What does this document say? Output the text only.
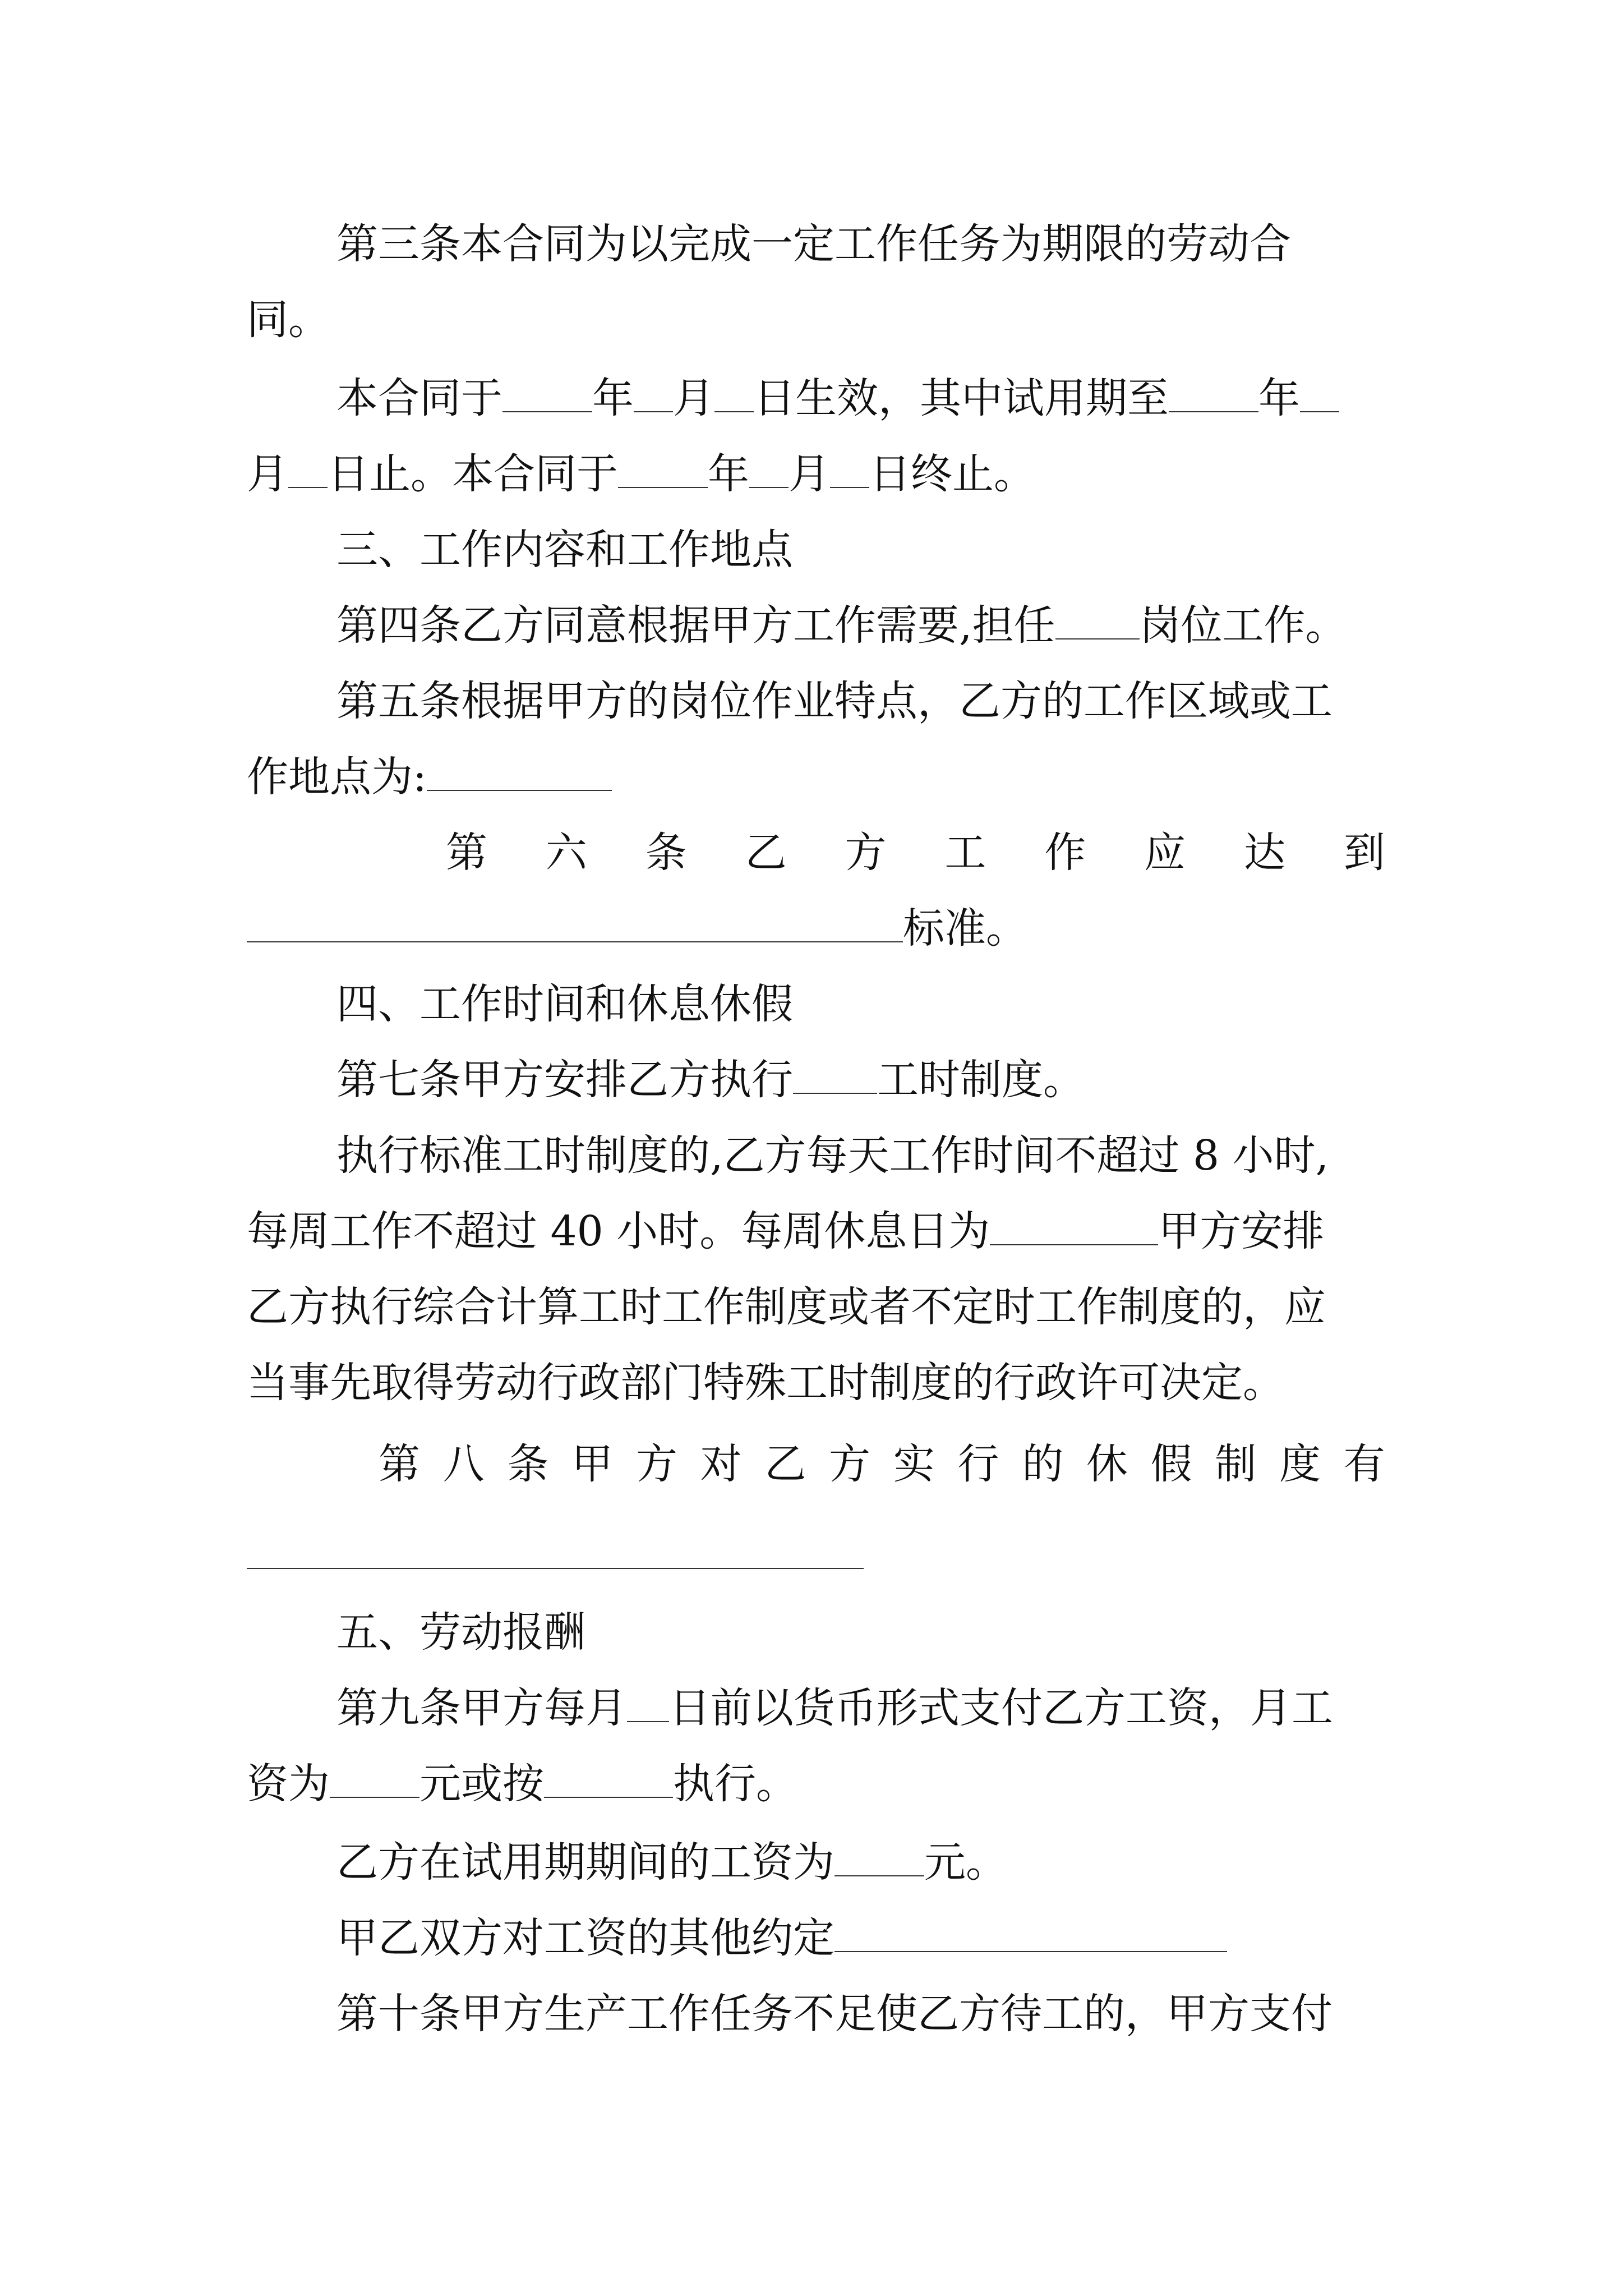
第三条本合同为以完成一定工作任务为期限的劳动合
同。
本合同于 年 月 日生效，其中试用期至 年
月 日止。本合同于 年 月 日终止。
三、工作内容和工作地点
第四条乙方同意根据甲方工作需要,担任 岗位工作。
第五条根据甲方的岗位作业特点，乙方的工作区域或工
作地点为:
第 六 条 乙 方 工 作 应 达 到
标准。
四、工作时间和休息休假
第七条甲方安排乙方执行 工时制度。
执行标准工时制度的,乙方每天工作时间不超过 8 小时,
每周工作不超过 40 小时。每周休息日为	甲方安排
乙方执行综合计算工时工作制度或者不定时工作制度的，应
当事先取得劳动行政部门特殊工时制度的行政许可决定。
第 八 条 甲 方 对 乙 方 实 行 的 休 假 制 度 有
五、劳动报酬
第九条甲方每月 日前以货币形式支付乙方工资，月工
资为 元或按	执行。
乙方在试用期期间的工资为 元。
甲乙双方对工资的其他约定
第十条甲方生产工作任务不足使乙方待工的，甲方支付
